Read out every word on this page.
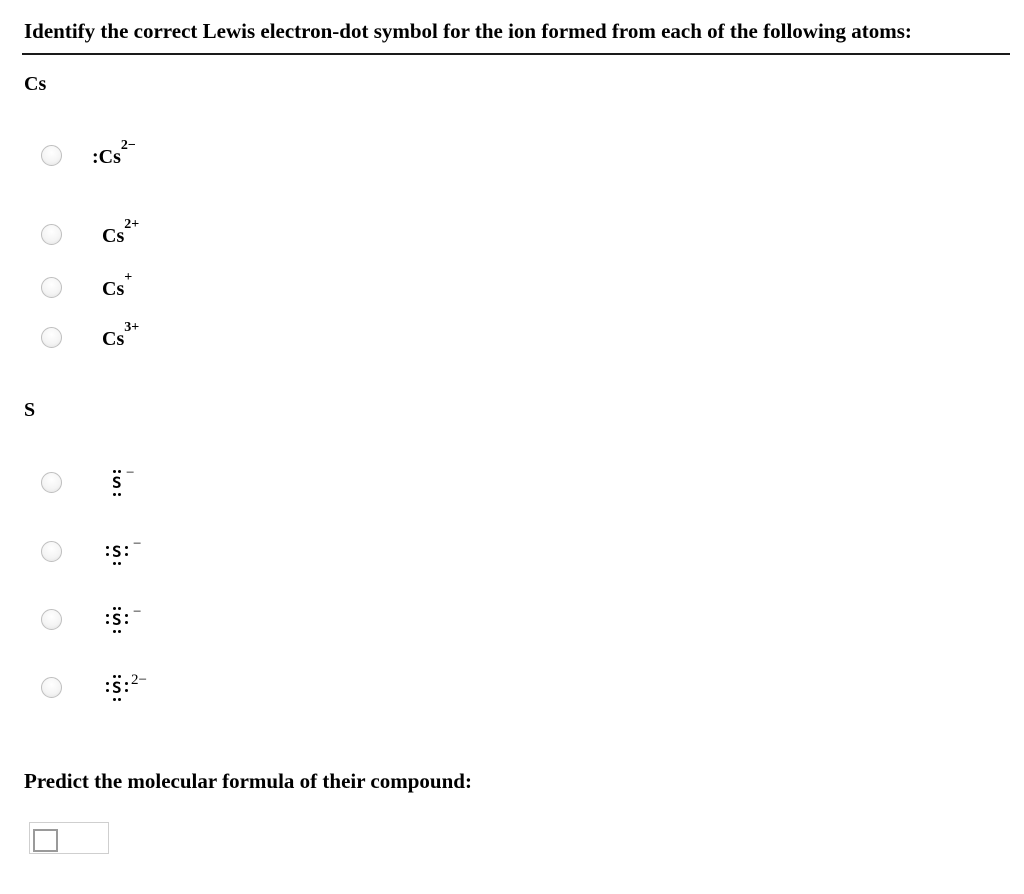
Identify the correct Lewis electron-dot symbol for the ion formed from each of the following atoms:
Cs
$:Cs^{2-}$
$Cs^{2+}$
Cs+
$Cs^{3+}$
S
S −
S −
S −
S 2−
Predict the molecular formula of their compound:
